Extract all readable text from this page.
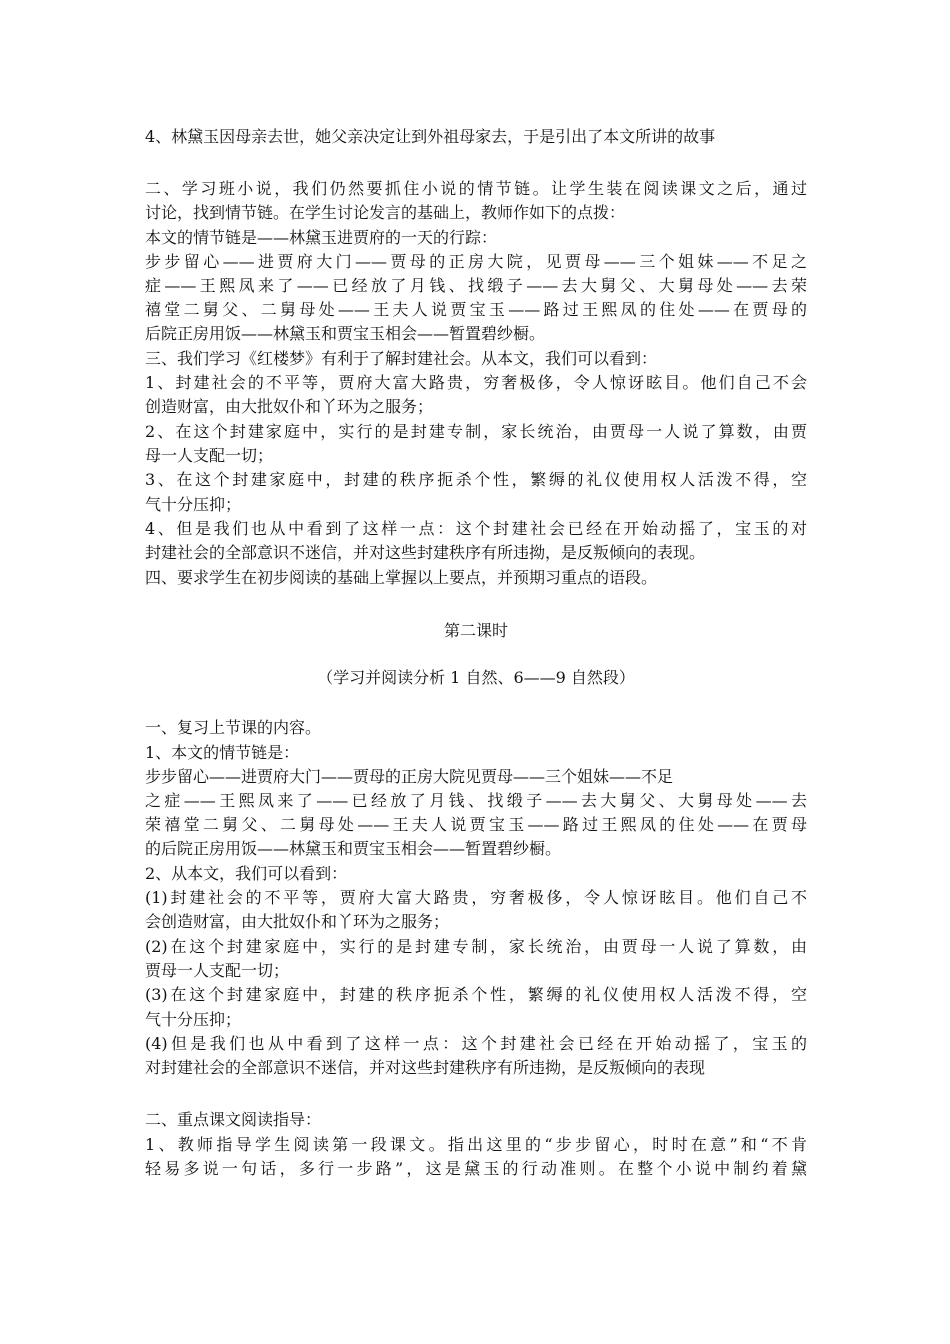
4、林黛玉因母亲去世，她父亲决定让到外祖母家去，于是引出了本文所讲的故事
二、学习班小说，我们仍然要抓住小说的情节链。让学生装在阅读课文之后，通过
讨论，找到情节链。在学生讨论发言的基础上，教师作如下的点拨：
本文的情节链是——林黛玉进贾府的一天的行踪：
步步留心——进贾府大门——贾母的正房大院，见贾母——三个姐妹——不足之
症——王熙凤来了——已经放了月钱、找缎子——去大舅父、大舅母处——去荣
禧堂二舅父、二舅母处——王夫人说贾宝玉——路过王熙凤的住处——在贾母的
后院正房用饭——林黛玉和贾宝玉相会——暂置碧纱橱。
三、我们学习《红楼梦》有利于了解封建社会。从本文，我们可以看到：
1、封建社会的不平等，贾府大富大路贵，穷奢极侈，令人惊讶眩目。他们自己不会
创造财富，由大批奴仆和丫环为之服务；
2、在这个封建家庭中，实行的是封建专制，家长统治，由贾母一人说了算数，由贾
母一人支配一切；
3、在这个封建家庭中，封建的秩序扼杀个性，繁缛的礼仪使用权人活泼不得，空
气十分压抑；
4、但是我们也从中看到了这样一点：这个封建社会已经在开始动摇了，宝玉的对
封建社会的全部意识不迷信，并对这些封建秩序有所违拗，是反叛倾向的表现。
四、要求学生在初步阅读的基础上掌握以上要点，并预期习重点的语段。
第二课时
（学习并阅读分析 1 自然、6——9 自然段）
一、复习上节课的内容。
1、本文的情节链是：
步步留心——进贾府大门——贾母的正房大院见贾母——三个姐妹——不足
之症——王熙凤来了——已经放了月钱、找缎子——去大舅父、大舅母处——去
荣禧堂二舅父、二舅母处——王夫人说贾宝玉——路过王熙凤的住处——在贾母
的后院正房用饭——林黛玉和贾宝玉相会——暂置碧纱橱。
2、从本文，我们可以看到：
(1)封建社会的不平等，贾府大富大路贵，穷奢极侈，令人惊讶眩目。他们自己不
会创造财富，由大批奴仆和丫环为之服务；
(2)在这个封建家庭中，实行的是封建专制，家长统治，由贾母一人说了算数，由
贾母一人支配一切；
(3)在这个封建家庭中，封建的秩序扼杀个性，繁缛的礼仪使用权人活泼不得，空
气十分压抑；
(4)但是我们也从中看到了这样一点：这个封建社会已经在开始动摇了，宝玉的
对封建社会的全部意识不迷信，并对这些封建秩序有所违拗，是反叛倾向的表现
二、重点课文阅读指导：
1、教师指导学生阅读第一段课文。指出这里的“步步留心，时时在意”和“不肯
轻易多说一句话，多行一步路”，这是黛玉的行动准则。在整个小说中制约着黛
